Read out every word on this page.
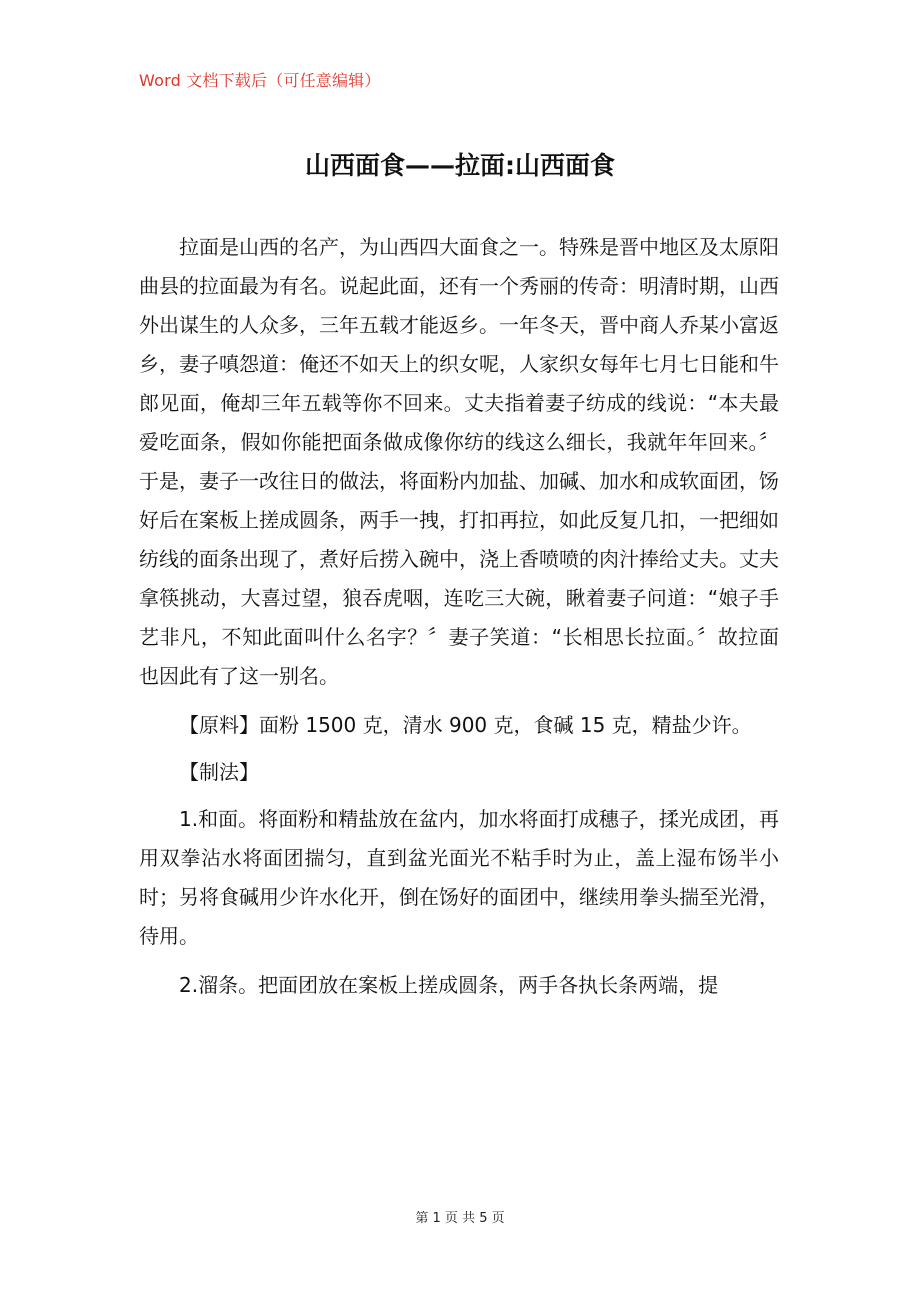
Word 文档下载后（可任意编辑）
山西面食——拉面:山西面食

拉面是山西的名产，为山西四大面食之一。特殊是晋中地区及太原阳曲县的拉面最为有名。说起此面，还有一个秀丽的传奇：明清时期，山西外出谋生的人众多，三年五载才能返乡。一年冬天，晋中商人乔某小富返乡，妻子嗔怨道：俺还不如天上的织女呢，人家织女每年七月七日能和牛郎见面，俺却三年五载等你不回来。丈夫指着妻子纺成的线说：“本夫最爱吃面条，假如你能把面条做成像你纺的线这么细长，我就年年回来。〞于是，妻子一改往日的做法，将面粉内加盐、加碱、加水和成软面团，饧好后在案板上搓成圆条，两手一拽，打扣再拉，如此反复几扣，一把细如纺线的面条出现了，煮好后捞入碗中，浇上香喷喷的肉汁捧给丈夫。丈夫拿筷挑动，大喜过望，狼吞虎咽，连吃三大碗，瞅着妻子问道：“娘子手艺非凡，不知此面叫什么名字？〞妻子笑道：“长相思长拉面。〞故拉面也因此有了这一别名。

【原料】面粉 1500 克，清水 900 克，食碱 15 克，精盐少许。

【制法】

1.和面。将面粉和精盐放在盆内，加水将面打成穗子，揉光成团，再用双拳沾水将面团揣匀，直到盆光面光不粘手时为止，盖上湿布饧半小时；另将食碱用少许水化开，倒在饧好的面团中，继续用拳头揣至光滑，待用。

2.溜条。把面团放在案板上搓成圆条，两手各执长条两端，提

第 1 页 共 5 页
